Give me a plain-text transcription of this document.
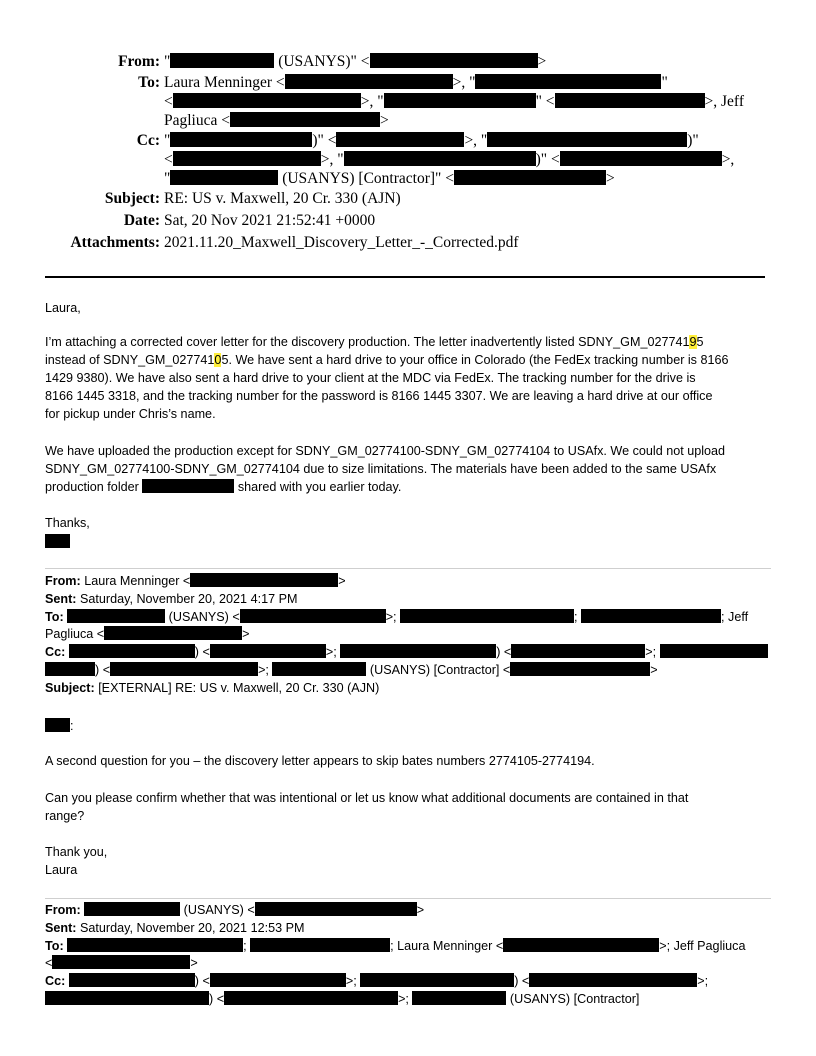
From: "	(USANYS)" <	>
To: Laura Menninger <	>, "	"
<	>, "	" <	>, Jeff
Pagliuca <	>
Cc: "	)" <	>, "	)"
<	>, "	)" <	>,
"	(USANYS) [Contractor]" <	>
Subject: RE: US v. Maxwell, 20 Cr. 330 (AJN)
Date: Sat, 20 Nov 2021 21:52:41 +0000
Attachments: 2021.11.20_Maxwell_Discovery_Letter_-_Corrected.pdf
Laura,
I’m attaching a corrected cover letter for the discovery production. The letter inadvertently listed SDNY_GM_02774195
instead of SDNY_GM_02774105. We have sent a hard drive to your office in Colorado (the FedEx tracking number is 8166
1429 9380). We have also sent a hard drive to your client at the MDC via FedEx. The tracking number for the drive is
8166 1445 3318, and the tracking number for the password is 8166 1445 3307. We are leaving a hard drive at our office
for pickup under Chris’s name.
We have uploaded the production except for SDNY_GM_02774100-SDNY_GM_02774104 to USAfx. We could not upload
SDNY_GM_02774100-SDNY_GM_02774104 due to size limitations. The materials have been added to the same USAfx
production folder	shared with you earlier today.
Thanks,
From: Laura Menninger <	>
Sent: Saturday, November 20, 2021 4:17 PM
To:	(USANYS) <	>;	;	; Jeff
Pagliuca <	>
Cc:	) <	>;	) <	>;
) <	>;	(USANYS) [Contractor] <	>
Subject: [EXTERNAL] RE: US v. Maxwell, 20 Cr. 330 (AJN)
:
A second question for you – the discovery letter appears to skip bates numbers 2774105-2774194.
Can you please confirm whether that was intentional or let us know what additional documents are contained in that
range?
Thank you,
Laura
From:	(USANYS) <	>
Sent: Saturday, November 20, 2021 12:53 PM
To:	;	; Laura Menninger <	>; Jeff Pagliuca
<	>
Cc:	) <	>;	) <	>;
) <	>;	(USANYS) [Contractor]
